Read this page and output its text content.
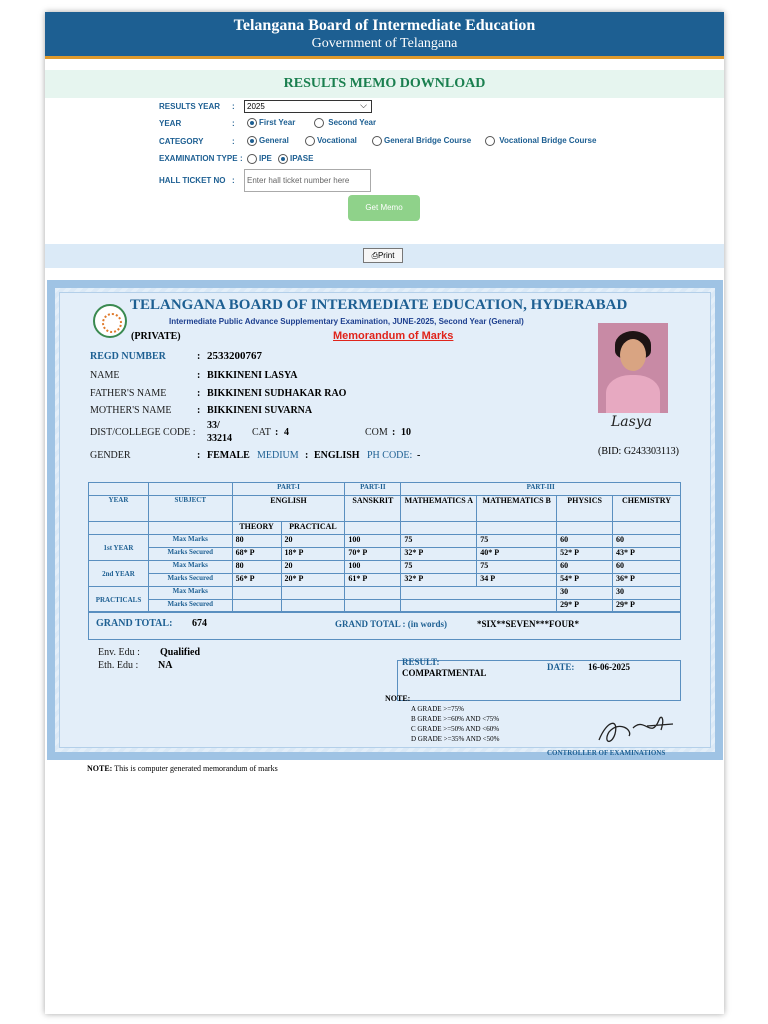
Telangana Board of Intermediate Education
Government of Telangana
RESULTS MEMO DOWNLOAD
RESULTS YEAR :	2025	⌵
YEAR	:	First Year	Second Year
CATEGORY	:	General	Vocational	General Bridge Course	Vocational Bridge Course
EXAMINATION TYPE :	IPE	IPASE
HALL TICKET NO :	Enter hall ticket number here
Get Memo
⎙Print
TELANGANA BOARD OF INTERMEDIATE EDUCATION, HYDERABAD
Intermediate Public Advance Supplementary Examination, JUNE-2025, Second Year (General)
(PRIVATE)	Memorandum of Marks
Lasya
REGD NUMBER	: 2533200767
NAME	: BIKKINENI LASYA
FATHER'S NAME	: BIKKINENI SUDHAKAR RAO
MOTHER'S NAME	: BIKKINENI SUVARNA
DIST/COLLEGE CODE :
33/
33214
CAT : 4	COM : 10
GENDER	: FEMALE MEDIUM : ENGLISH PH CODE: -	(BID: G243303113)
		PART-I		PART-II	PART-III			
YEAR	SUBJECT	ENGLISH		SANSKRIT	MATHEMATICS A	MATHEMATICS B	PHYSICS	CHEMISTRY
		THEORY	PRACTICAL					
1st YEAR	Max Marks	80	20	100	75	75	60	60
	Marks Secured	68* P	18* P	70* P	32* P	40* P	52* P	43* P
2nd YEAR	Max Marks	80	20	100	75	75	60	60
	Marks Secured	56* P	20* P	61* P	32* P	34 P	54* P	36* P
PRACTICALS	Max Marks						30	30
	Marks Secured						29* P	29* P
GRAND TOTAL: 674	GRAND TOTAL : (in words)	*SIX**SEVEN***FOUR*
Env. Edu : Qualified
Eth. Edu : NA	RESULT:
COMPARTMENTAL
DATE: 16-06-2025
NOTE:
A GRADE >=75%
B GRADE >=60% AND <75%
C GRADE >=50% AND <60%
D GRADE >=35% AND <50%
CONTROLLER OF EXAMINATIONS
NOTE: This is computer generated memorandum of marks
